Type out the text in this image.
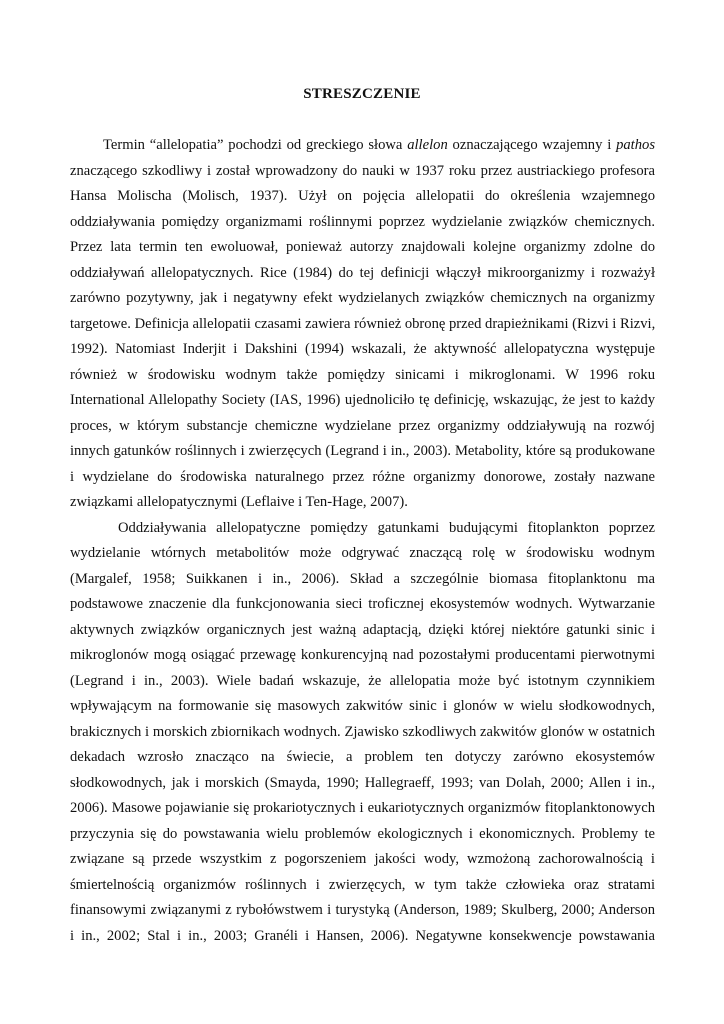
STRESZCZENIE
Termin “allelopatia” pochodzi od greckiego słowa allelon oznaczającego wzajemny i pathos
znaczącego szkodliwy i został wprowadzony do nauki w 1937 roku przez austriackiego profesora
Hansa Molischa (Molisch, 1937). Użył on pojęcia allelopatii do określenia wzajemnego
oddziaływania pomiędzy organizmami roślinnymi poprzez wydzielanie związków chemicznych.
Przez lata termin ten ewoluował, ponieważ autorzy znajdowali kolejne organizmy zdolne do
oddziaływań allelopatycznych. Rice (1984) do tej definicji włączył mikroorganizmy i rozważył
zarówno pozytywny, jak i negatywny efekt wydzielanych związków chemicznych na organizmy
targetowe. Definicja allelopatii czasami zawiera również obronę przed drapieżnikami (Rizvi i Rizvi,
1992). Natomiast Inderjit i Dakshini (1994) wskazali, że aktywność allelopatyczna występuje
również w środowisku wodnym także pomiędzy sinicami i mikroglonami. W 1996 roku
International Allelopathy Society (IAS, 1996) ujednoliciło tę definicję, wskazując, że jest to każdy
proces, w którym substancje chemiczne wydzielane przez organizmy oddziaływują na rozwój
innych gatunków roślinnych i zwierzęcych (Legrand i in., 2003). Metabolity, które są produkowane
i wydzielane do środowiska naturalnego przez różne organizmy donorowe, zostały nazwane
związkami allelopatycznymi (Leflaive i Ten-Hage, 2007).
Oddziaływania allelopatyczne pomiędzy gatunkami budującymi fitoplankton poprzez
wydzielanie wtórnych metabolitów może odgrywać znaczącą rolę w środowisku wodnym
(Margalef, 1958; Suikkanen i in., 2006). Skład a szczególnie biomasa fitoplanktonu ma
podstawowe znaczenie dla funkcjonowania sieci troficznej ekosystemów wodnych. Wytwarzanie
aktywnych związków organicznych jest ważną adaptacją, dzięki której niektóre gatunki sinic i
mikroglonów mogą osiągać przewagę konkurencyjną nad pozostałymi producentami pierwotnymi
(Legrand i in., 2003). Wiele badań wskazuje, że allelopatia może być istotnym czynnikiem
wpływającym na formowanie się masowych zakwitów sinic i glonów w wielu słodkowodnych,
brakicznych i morskich zbiornikach wodnych. Zjawisko szkodliwych zakwitów glonów w ostatnich
dekadach wzrosło znacząco na świecie, a problem ten dotyczy zarówno ekosystemów
słodkowodnych, jak i morskich (Smayda, 1990; Hallegraeff, 1993; van Dolah, 2000; Allen i in.,
2006). Masowe pojawianie się prokariotycznych i eukariotycznych organizmów fitoplanktonowych
przyczynia się do powstawania wielu problemów ekologicznych i ekonomicznych. Problemy te
związane są przede wszystkim z pogorszeniem jakości wody, wzmożoną zachorowalnością i
śmiertelnością organizmów roślinnych i zwierzęcych, w tym także człowieka oraz stratami
finansowymi związanymi z rybołówstwem i turystyką (Anderson, 1989; Skulberg, 2000; Anderson
i in., 2002; Stal i in., 2003; Granéli i Hansen, 2006). Negatywne konsekwencje powstawania
